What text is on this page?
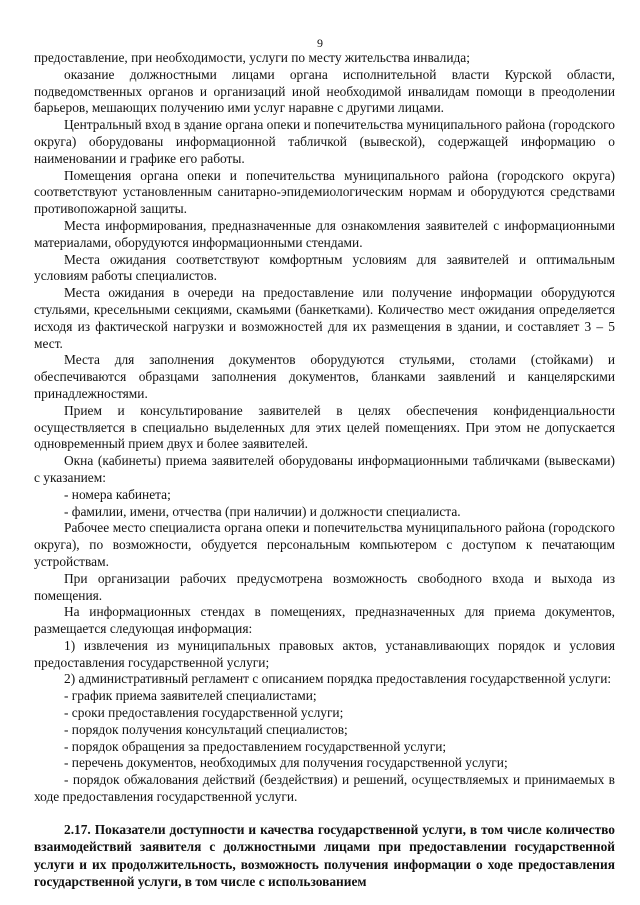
9

предоставление, при необходимости, услуги по месту жительства инвалида;

оказание должностными лицами органа исполнительной власти Курской области, подведомственных органов и организаций иной необходимой инвалидам помощи в преодолении барьеров, мешающих получению ими услуг наравне с другими лицами.

Центральный вход в здание органа опеки и попечительства муниципального района (городского округа) оборудованы информационной табличкой (вывеской), содержащей информацию о наименовании и графике его работы.

Помещения органа опеки и попечительства муниципального района (городского округа) соответствуют установленным санитарно-эпидемиологическим нормам и оборудуются средствами противопожарной защиты.

Места информирования, предназначенные для ознакомления заявителей с информационными материалами, оборудуются информационными стендами.

Места ожидания соответствуют комфортным условиям для заявителей и оптимальным условиям работы специалистов.

Места ожидания в очереди на предоставление или получение информации оборудуются стульями, кресельными секциями, скамьями (банкетками). Количество мест ожидания определяется исходя из фактической нагрузки и возможностей для их размещения в здании, и составляет 3 – 5 мест.

Места для заполнения документов оборудуются стульями, столами (стойками) и обеспечиваются образцами заполнения документов, бланками заявлений и канцелярскими принадлежностями.

Прием и консультирование заявителей в целях обеспечения конфиденциальности осуществляется в специально выделенных для этих целей помещениях. При этом не допускается одновременный прием двух и более заявителей.

Окна (кабинеты) приема заявителей оборудованы информационными табличками (вывесками) с указанием:

- номера кабинета;

- фамилии, имени, отчества (при наличии) и должности специалиста.

Рабочее место специалиста органа опеки и попечительства муниципального района (городского округа), по возможности, обудуется персональным компьютером с доступом к печатающим устройствам.

При организации рабочих предусмотрена возможность свободного входа и выхода из помещения.

На информационных стендах в помещениях, предназначенных для приема документов, размещается следующая информация:

1) извлечения из муниципальных правовых актов, устанавливающих порядок и условия предоставления государственной услуги;

2) административный регламент с описанием порядка предоставления государственной услуги:

- график приема заявителей специалистами;

- сроки предоставления государственной услуги;

- порядок получения консультаций специалистов;

- порядок обращения за предоставлением государственной услуги;

- перечень документов, необходимых для получения государственной услуги;

- порядок обжалования действий (бездействия) и решений, осуществляемых и принимаемых в ходе предоставления государственной услуги.

2.17. Показатели доступности и качества государственной услуги, в том числе количество взаимодействий заявителя с должностными лицами при предоставлении государственной услуги и их продолжительность, возможность получения информации о ходе предоставления государственной услуги, в том числе с использованием
